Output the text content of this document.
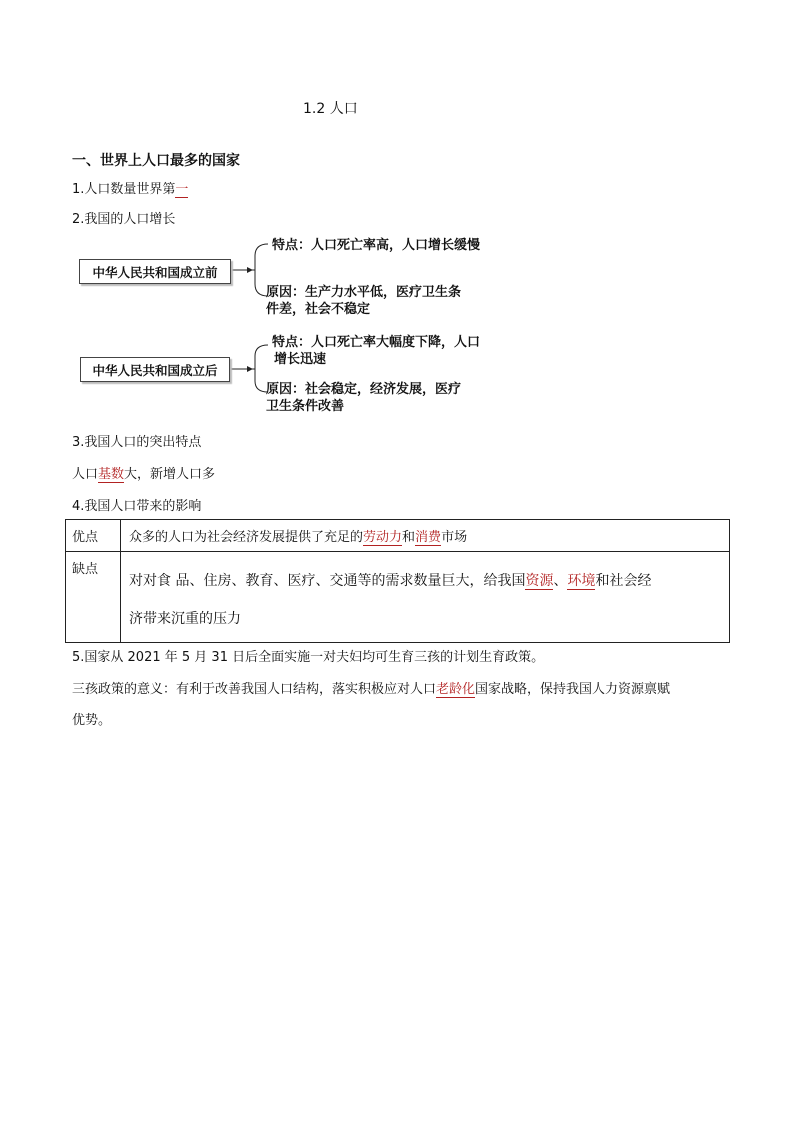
1.2 人口
一、世界上人口最多的国家
1.人口数量世界第一
2.我国的人口增长
中华人民共和国成立前
特点：人口死亡率高，人口增长缓慢
原因：生产力水平低，医疗卫生条
件差，社会不稳定
中华人民共和国成立后
特点：人口死亡率大幅度下降，人口
增长迅速
原因：社会稳定，经济发展，医疗
卫生条件改善
3.我国人口的突出特点
人口基数大，新增人口多
4.我国人口带来的影响
优点	众多的人口为社会经济发展提供了充足的劳动力和消费市场
缺点	对对食 品、住房、教育、医疗、交通等的需求数量巨大，给我国资源、环境和社会经
济带来沉重的压力
5.国家从 2021 年 5 月 31 日后全面实施一对夫妇均可生育三孩的计划生育政策。
三孩政策的意义：有利于改善我国人口结构，落实积极应对人口老龄化国家战略，保持我国人力资源禀赋
优势。
